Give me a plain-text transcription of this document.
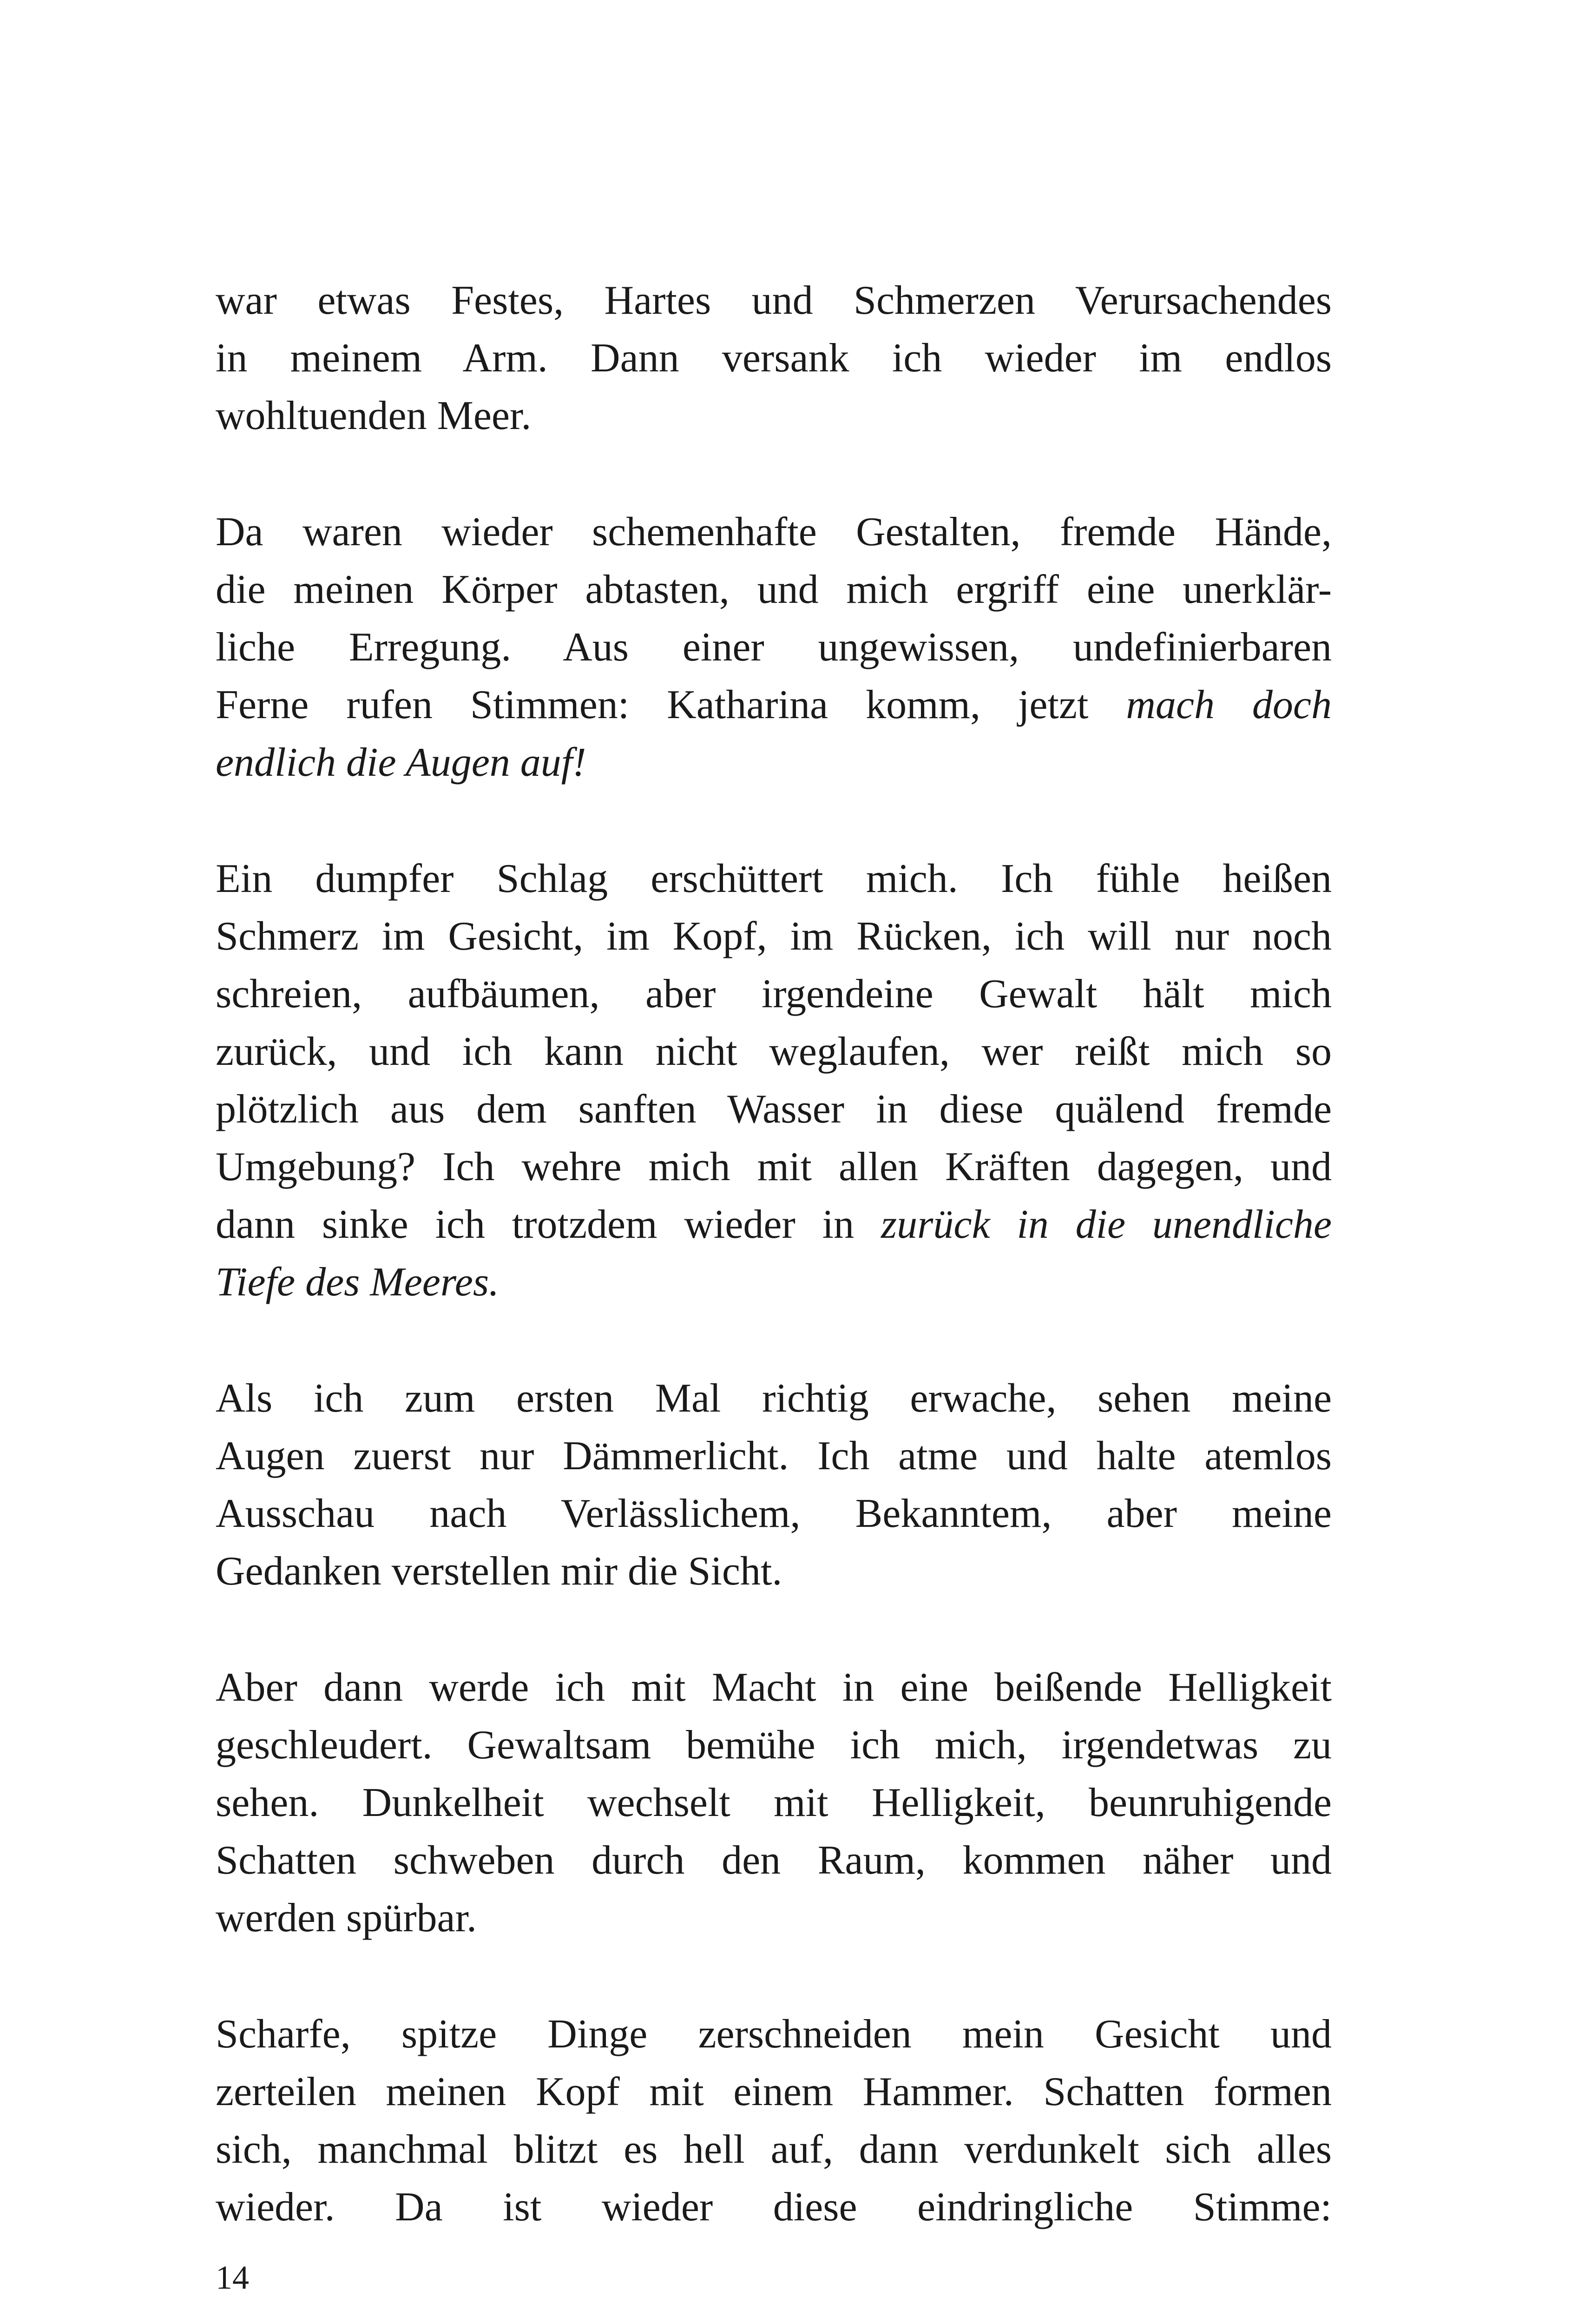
war etwas Festes, Hartes und Schmerzen Verursachendes
in meinem Arm. Dann versank ich wieder im endlos
wohltuenden Meer.

Da waren wieder schemenhafte Gestalten, fremde Hände,
die meinen Körper abtasten, und mich ergriff eine unerklär-
liche Erregung. Aus einer ungewissen, undefinierbaren
Ferne rufen Stimmen: Katharina komm, jetzt mach doch
endlich die Augen auf!

Ein dumpfer Schlag erschüttert mich. Ich fühle heißen
Schmerz im Gesicht, im Kopf, im Rücken, ich will nur noch
schreien, aufbäumen, aber irgendeine Gewalt hält mich
zurück, und ich kann nicht weglaufen, wer reißt mich so
plötzlich aus dem sanften Wasser in diese quälend fremde
Umgebung? Ich wehre mich mit allen Kräften dagegen, und
dann sinke ich trotzdem wieder in zurück in die unendliche
Tiefe des Meeres.

Als ich zum ersten Mal richtig erwache, sehen meine
Augen zuerst nur Dämmerlicht. Ich atme und halte atemlos
Ausschau nach Verlässlichem, Bekanntem, aber meine
Gedanken verstellen mir die Sicht.

Aber dann werde ich mit Macht in eine beißende Helligkeit
geschleudert. Gewaltsam bemühe ich mich, irgendetwas zu
sehen. Dunkelheit wechselt mit Helligkeit, beunruhigende
Schatten schweben durch den Raum, kommen näher und
werden spürbar.

Scharfe, spitze Dinge zerschneiden mein Gesicht und
zerteilen meinen Kopf mit einem Hammer. Schatten formen
sich, manchmal blitzt es hell auf, dann verdunkelt sich alles
wieder. Da ist wieder diese eindringliche Stimme:

14
